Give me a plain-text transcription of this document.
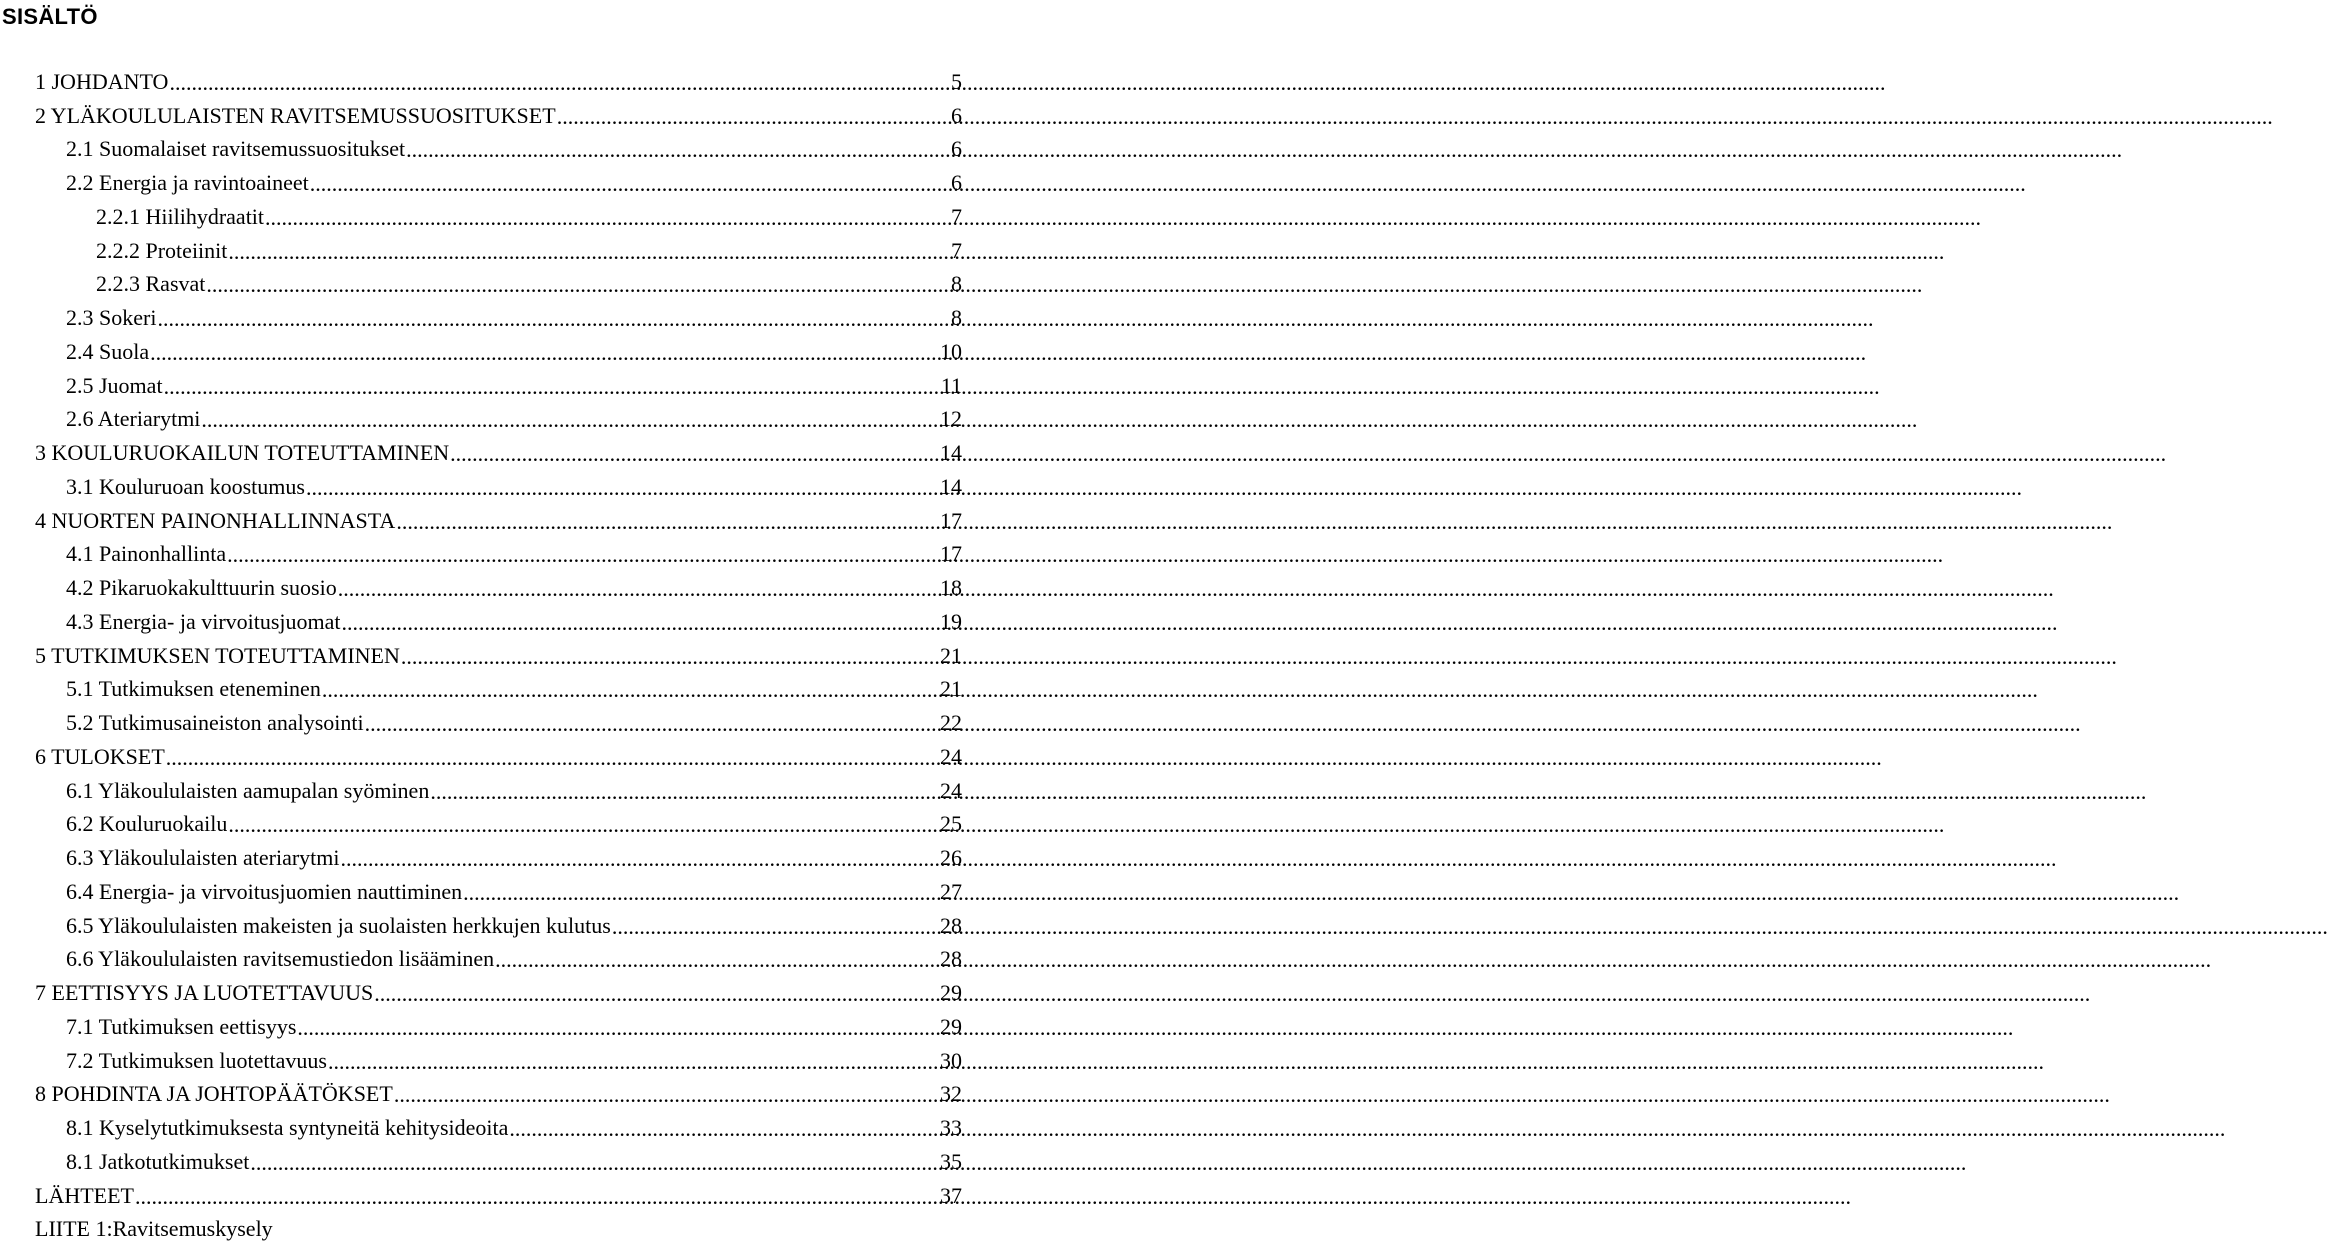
SISÄLTÖ
1 JOHDANTO .....	5
2 YLÄKOULULAISTEN RAVITSEMUSSUOSITUKSET .....	6
2.1 Suomalaiset ravitsemussuositukset .....	6
2.2 Energia ja ravintoaineet .....	6
2.2.1 Hiilihydraatit .....	7
2.2.2 Proteiinit .....	7
2.2.3 Rasvat .....	8
2.3 Sokeri .....	8
2.4 Suola .....	10
2.5 Juomat .....	11
2.6 Ateriarytmi .....	12
3 KOULURUOKAILUN TOTEUTTAMINEN .....	14
3.1 Kouluruoan koostumus .....	14
4 NUORTEN PAINONHALLINNASTA .....	17
4.1 Painonhallinta .....	17
4.2 Pikaruokakulttuurin suosio .....	18
4.3 Energia- ja virvoitusjuomat .....	19
5 TUTKIMUKSEN TOTEUTTAMINEN .....	21
5.1 Tutkimuksen eteneminen .....	21
5.2 Tutkimusaineiston analysointi .....	22
6 TULOKSET .....	24
6.1 Yläkoululaisten aamupalan syöminen .....	24
6.2 Kouluruokailu .....	25
6.3 Yläkoululaisten ateriarytmi .....	26
6.4 Energia- ja virvoitusjuomien nauttiminen .....	27
6.5 Yläkoululaisten makeisten ja suolaisten herkkujen kulutus .....	28
6.6 Yläkoululaisten ravitsemustiedon lisääminen .....	28
7 EETTISYYS JA LUOTETTAVUUS .....	29
7.1 Tutkimuksen eettisyys .....	29
7.2 Tutkimuksen luotettavuus .....	30
8 POHDINTA JA JOHTOPÄÄTÖKSET .....	32
8.1 Kyselytutkimuksesta syntyneitä kehitysideoita .....	33
8.1 Jatkotutkimukset .....	35
LÄHTEET .....	37
LIITE 1:Ravitsemuskysely
